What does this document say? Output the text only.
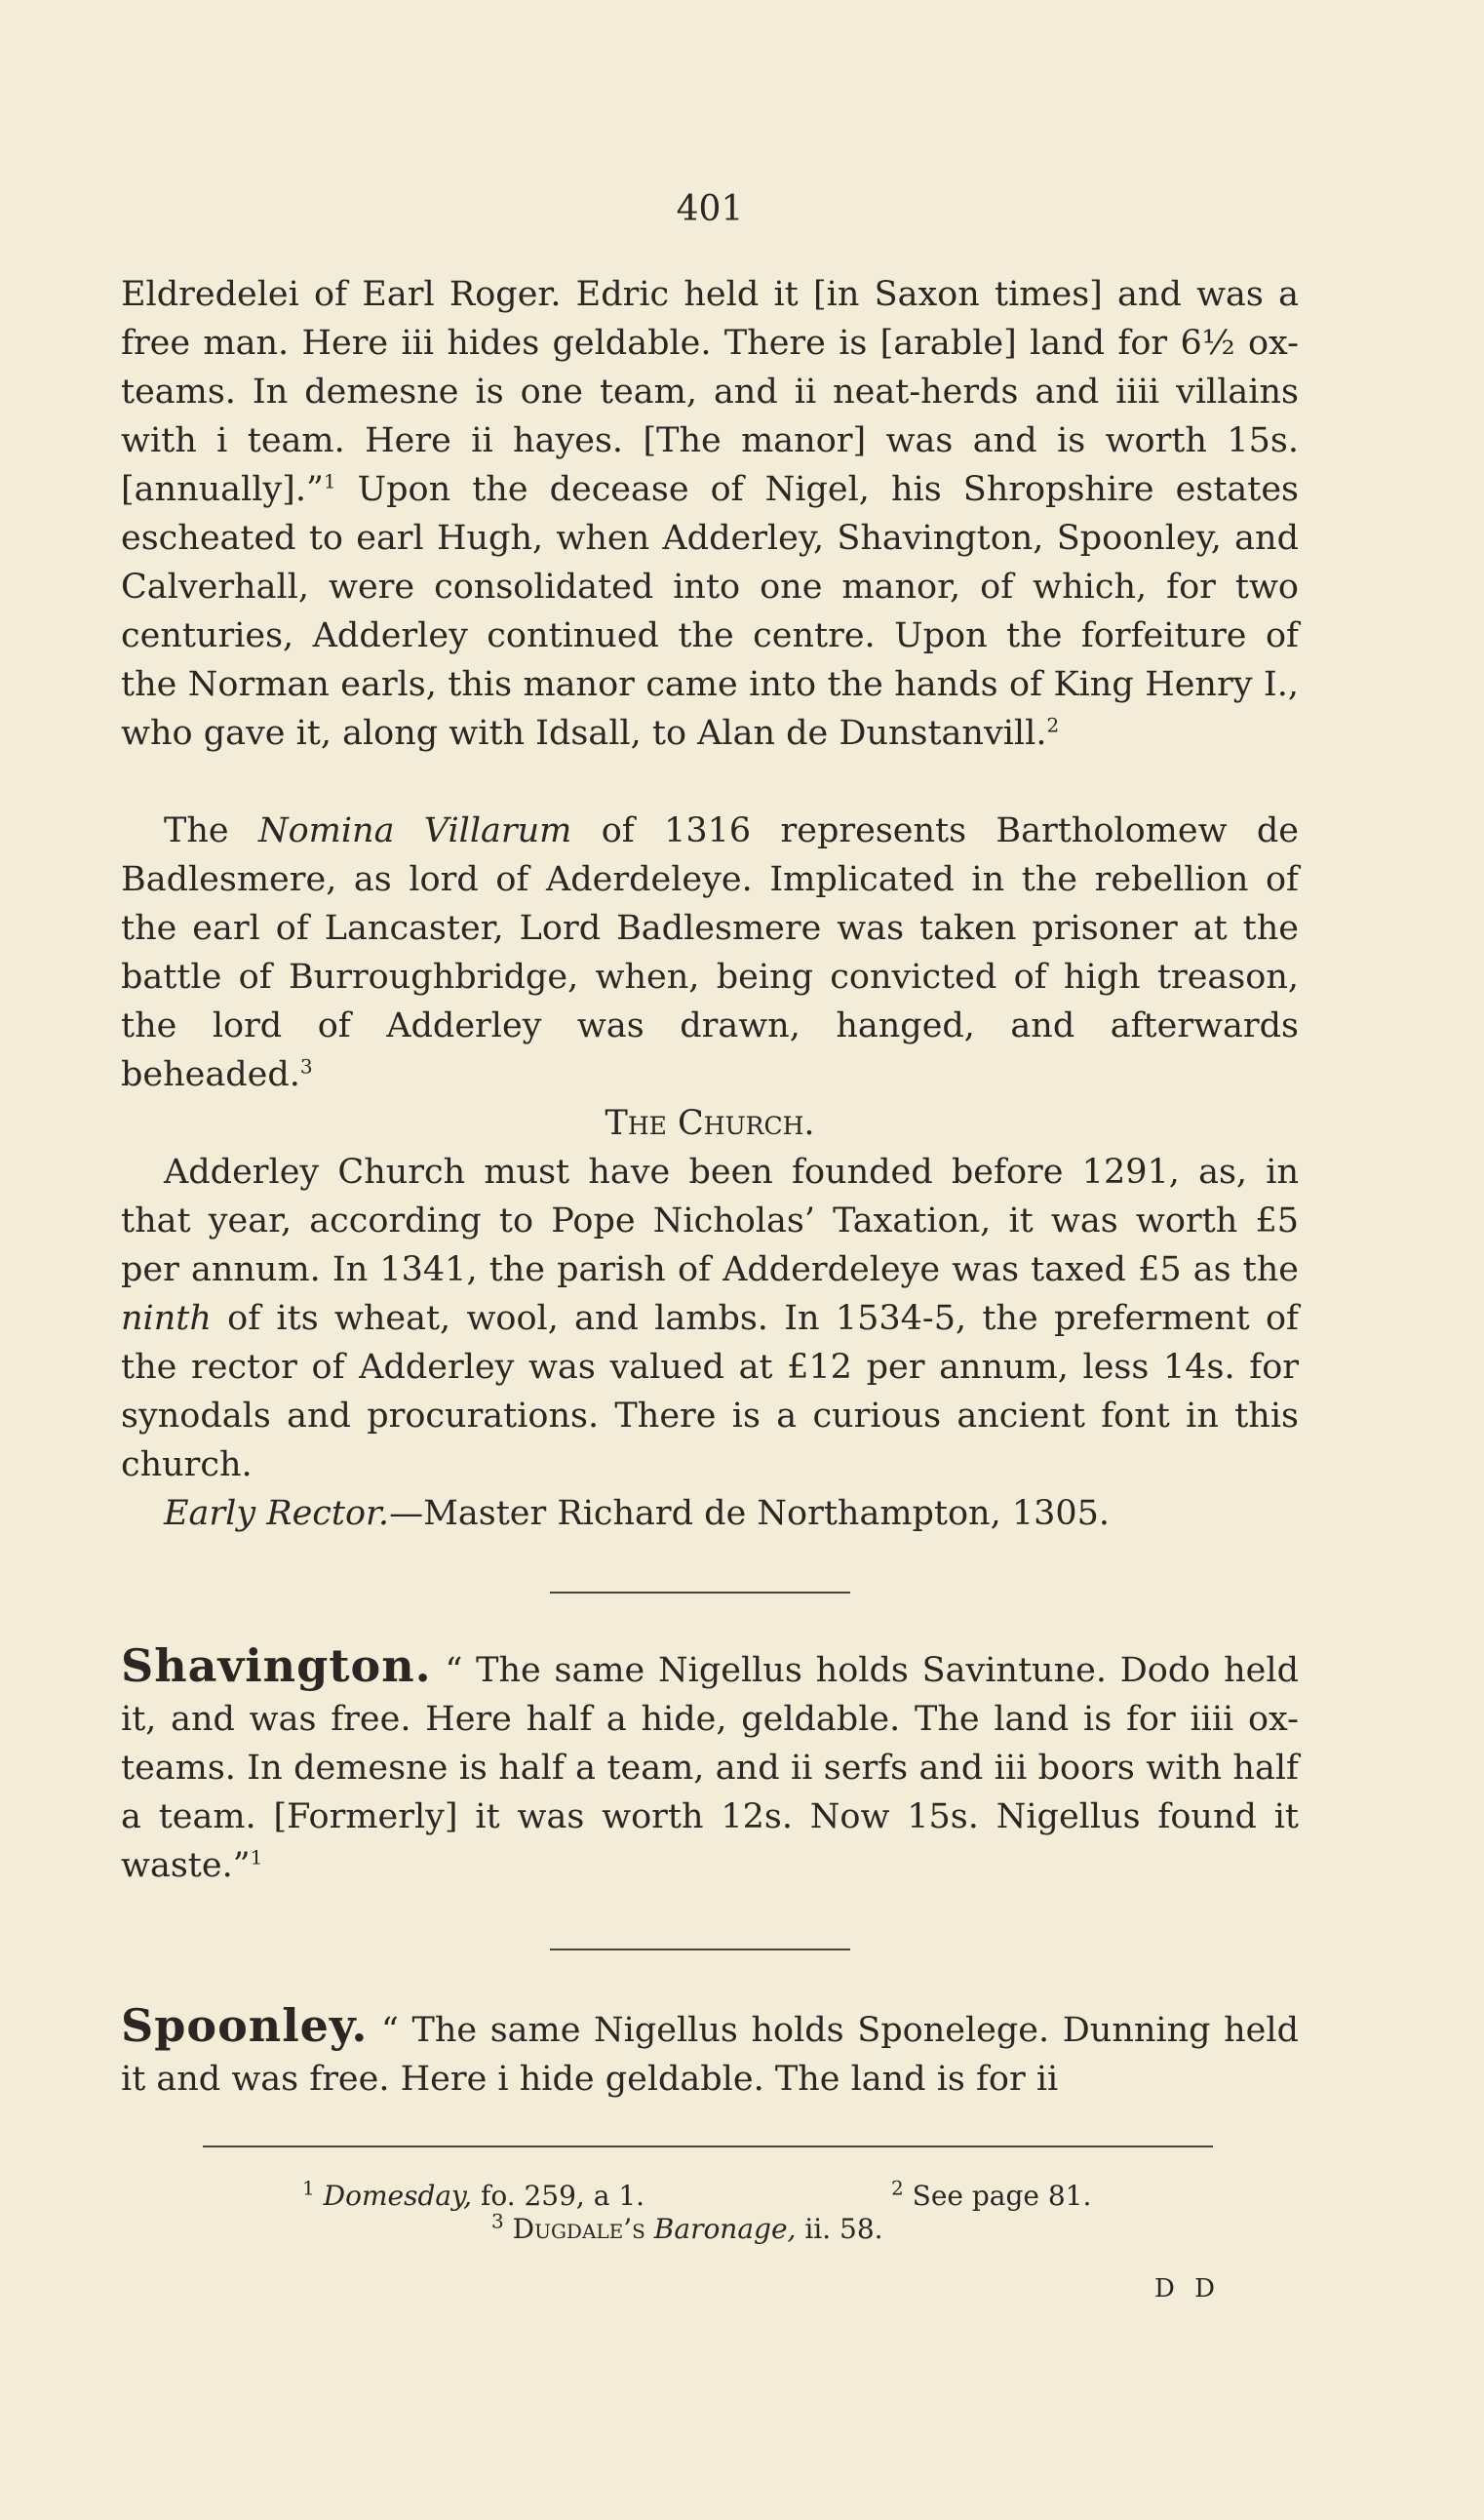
401
Eldredelei of Earl Roger. Edric held it [in Saxon times] and was a free man. Here iii hides geldable. There is [arable] land for 6½ ox-teams. In demesne is one team, and ii neat-herds and iiii villains with i team. Here ii hayes. [The manor] was and is worth 15s. [annually].”$^1$ Upon the decease of Nigel, his Shropshire estates escheated to earl Hugh, when Adderley, Shavington, Spoonley, and Calverhall, were consolidated into one manor, of which, for two centuries, Adderley continued the centre. Upon the forfeiture of the Norman earls, this manor came into the hands of King Henry I., who gave it, along with Idsall, to Alan de Dunstanvill.$^2$
The Nomina Villarum of 1316 represents Bartholomew de Badlesmere, as lord of Aderdeleye. Implicated in the rebellion of the earl of Lancaster, Lord Badlesmere was taken prisoner at the battle of Burroughbridge, when, being convicted of high treason, the lord of Adderley was drawn, hanged, and afterwards beheaded.$^3$
The Church.
Adderley Church must have been founded before 1291, as, in that year, according to Pope Nicholas’ Taxation, it was worth £5 per annum. In 1341, the parish of Adderdeleye was taxed £5 as the ninth of its wheat, wool, and lambs. In 1534-5, the preferment of the rector of Adderley was valued at £12 per annum, less 14s. for synodals and procurations. There is a curious ancient font in this church.
Early Rector.—Master Richard de Northampton, 1305.
Shavington. “ The same Nigellus holds Savintune. Dodo held it, and was free. Here half a hide, geldable. The land is for iiii ox-teams. In demesne is half a team, and ii serfs and iii boors with half a team. [Formerly] it was worth 12s. Now 15s. Nigellus found it waste.”$^1$
Spoonley. “ The same Nigellus holds Sponelege. Dunning held it and was free. Here i hide geldable. The land is for ii
$^1$ Domesday, fo. 259, a 1.	$^2$ See page 81.
$^3$ Dugdale’s Baronage, ii. 58.
D D
